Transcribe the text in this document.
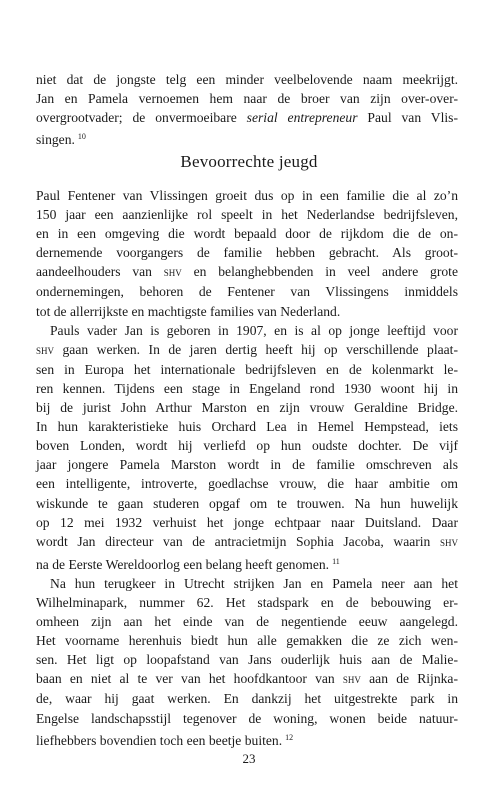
niet dat de jongste telg een minder veelbelovende naam meekrijgt.
Jan en Pamela vernoemen hem naar de broer van zijn over-over-
overgrootvader; de onvermoeibare serial entrepreneur Paul van Vlis-
singen. $^{10}$
Bevoorrechte jeugd
Paul Fentener van Vlissingen groeit dus op in een familie die al zo’n
150 jaar een aanzienlijke rol speelt in het Nederlandse bedrijfsleven,
en in een omgeving die wordt bepaald door de rijkdom die de on-
dernemende voorgangers de familie hebben gebracht. Als groot-
aandeelhouders van shv en belanghebbenden in veel andere grote
ondernemingen, behoren de Fentener van Vlissingens inmiddels
tot de allerrijkste en machtigste families van Nederland.
Pauls vader Jan is geboren in 1907, en is al op jonge leeftijd voor
shv gaan werken. In de jaren dertig heeft hij op verschillende plaat-
sen in Europa het internationale bedrijfsleven en de kolenmarkt le-
ren kennen. Tijdens een stage in Engeland rond 1930 woont hij in
bij de jurist John Arthur Marston en zijn vrouw Geraldine Bridge.
In hun karakteristieke huis Orchard Lea in Hemel Hempstead, iets
boven Londen, wordt hij verliefd op hun oudste dochter. De vijf
jaar jongere Pamela Marston wordt in de familie omschreven als
een intelligente, introverte, goedlachse vrouw, die haar ambitie om
wiskunde te gaan studeren opgaf om te trouwen. Na hun huwelijk
op 12 mei 1932 verhuist het jonge echtpaar naar Duitsland. Daar
wordt Jan directeur van de antracietmijn Sophia Jacoba, waarin shv
na de Eerste Wereldoorlog een belang heeft genomen. $^{11}$
Na hun terugkeer in Utrecht strijken Jan en Pamela neer aan het
Wilhelminapark, nummer 62. Het stadspark en de bebouwing er-
omheen zijn aan het einde van de negentiende eeuw aangelegd.
Het voorname herenhuis biedt hun alle gemakken die ze zich wen-
sen. Het ligt op loopafstand van Jans ouderlijk huis aan de Malie-
baan en niet al te ver van het hoofdkantoor van shv aan de Rijnka-
de, waar hij gaat werken. En dankzij het uitgestrekte park in
Engelse landschapsstijl tegenover de woning, wonen beide natuur-
liefhebbers bovendien toch een beetje buiten. $^{12}$
23
